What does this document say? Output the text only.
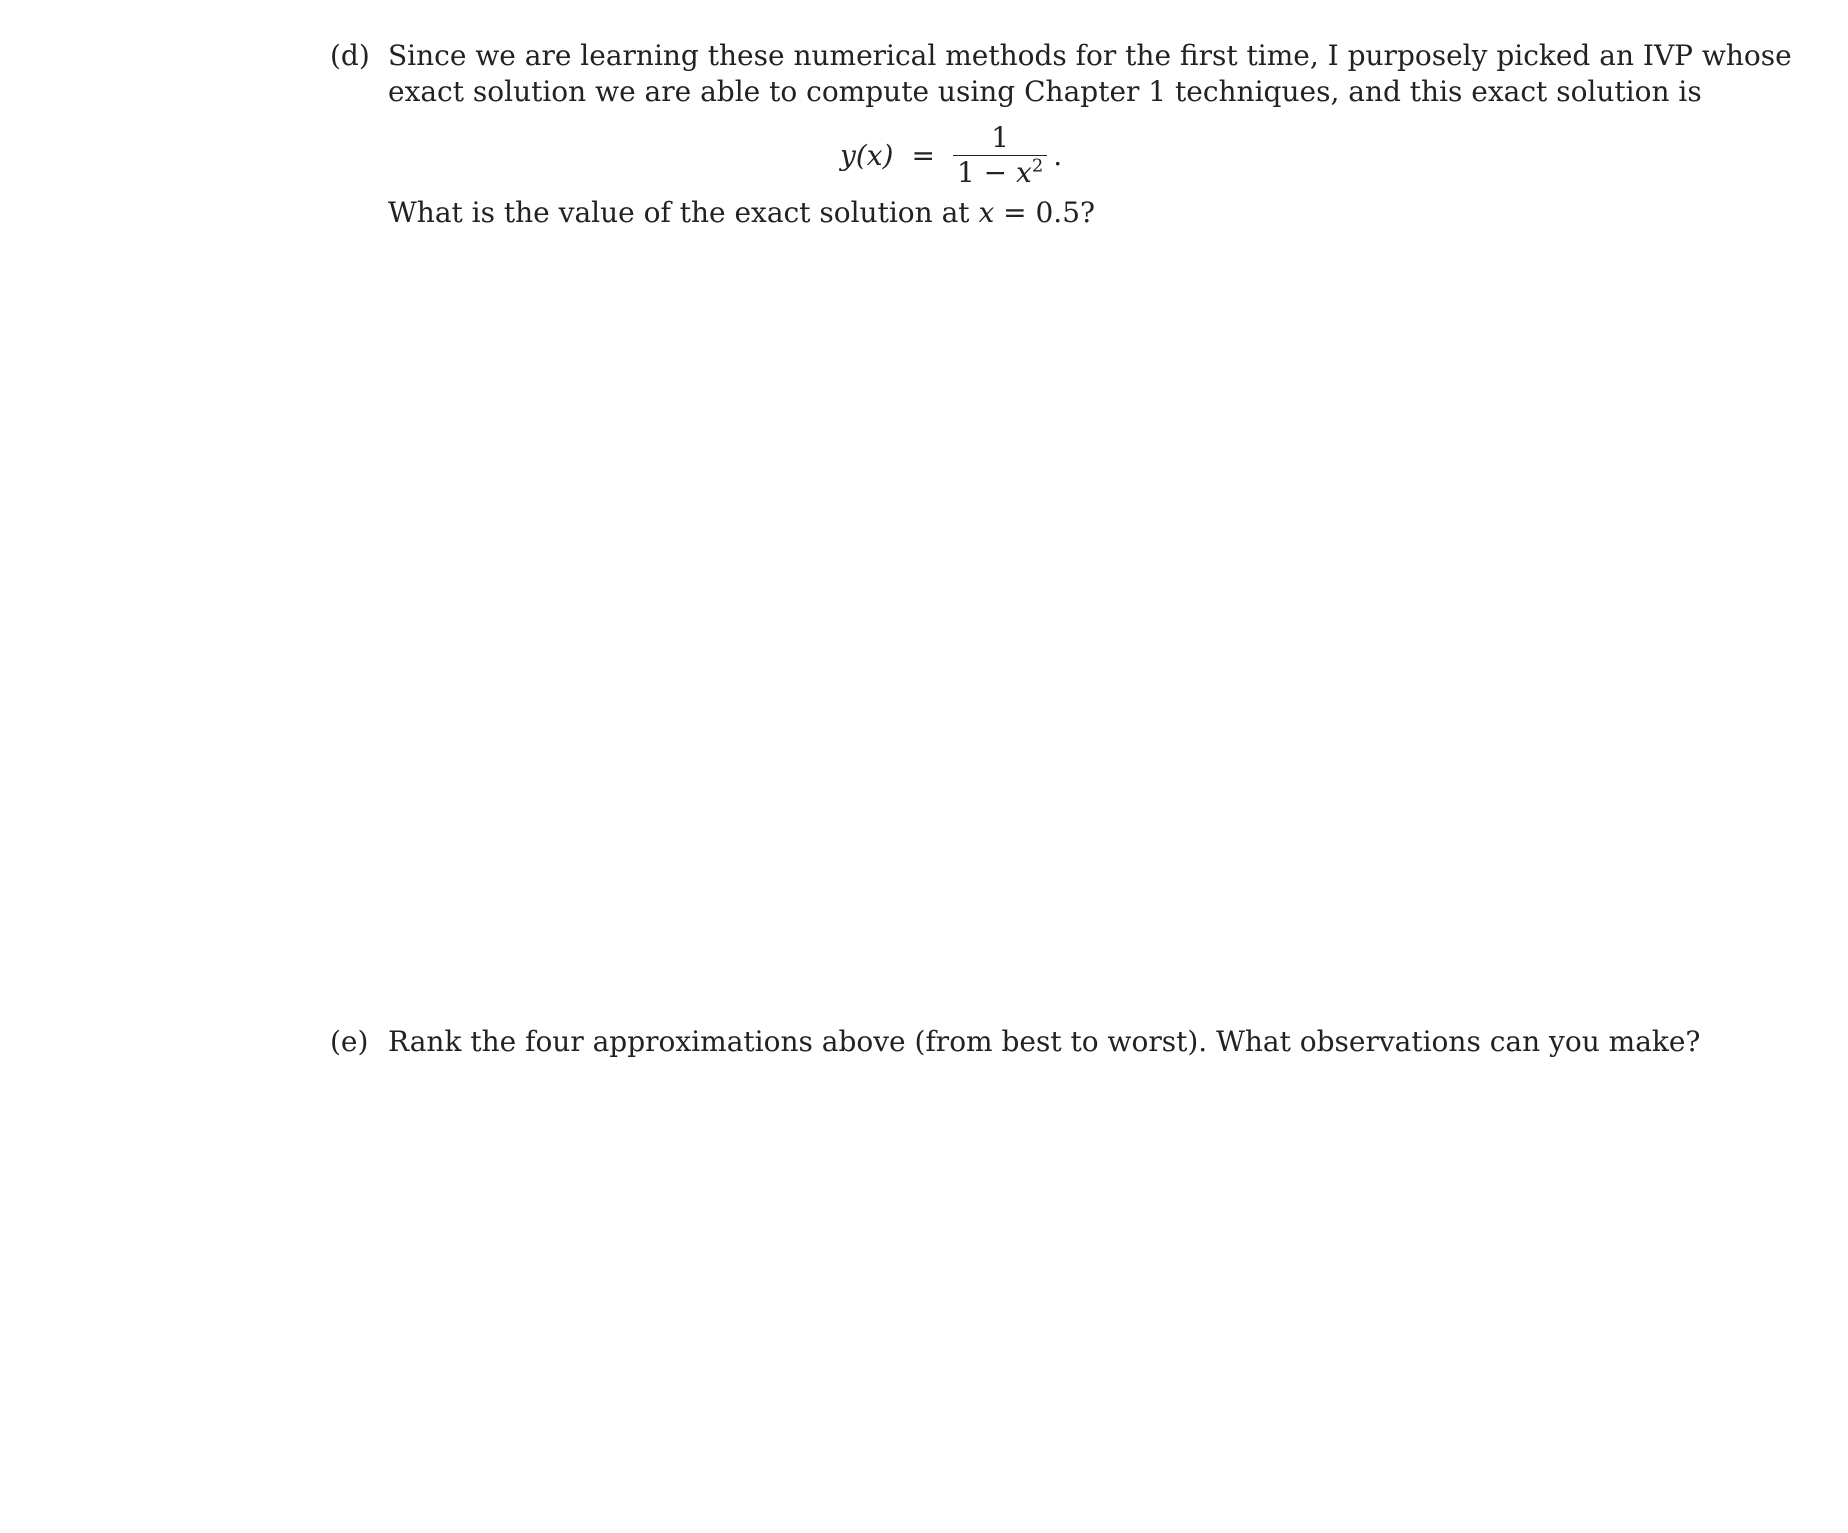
(d) Since we are learning these numerical methods for the first time, I purposely picked an IVP whose
exact solution we are able to compute using Chapter 1 techniques, and this exact solution is
$y(x) = \frac{1}{1 - x^2}$ .
What is the value of the exact solution at x = 0.5?
(e) Rank the four approximations above (from best to worst). What observations can you make?
